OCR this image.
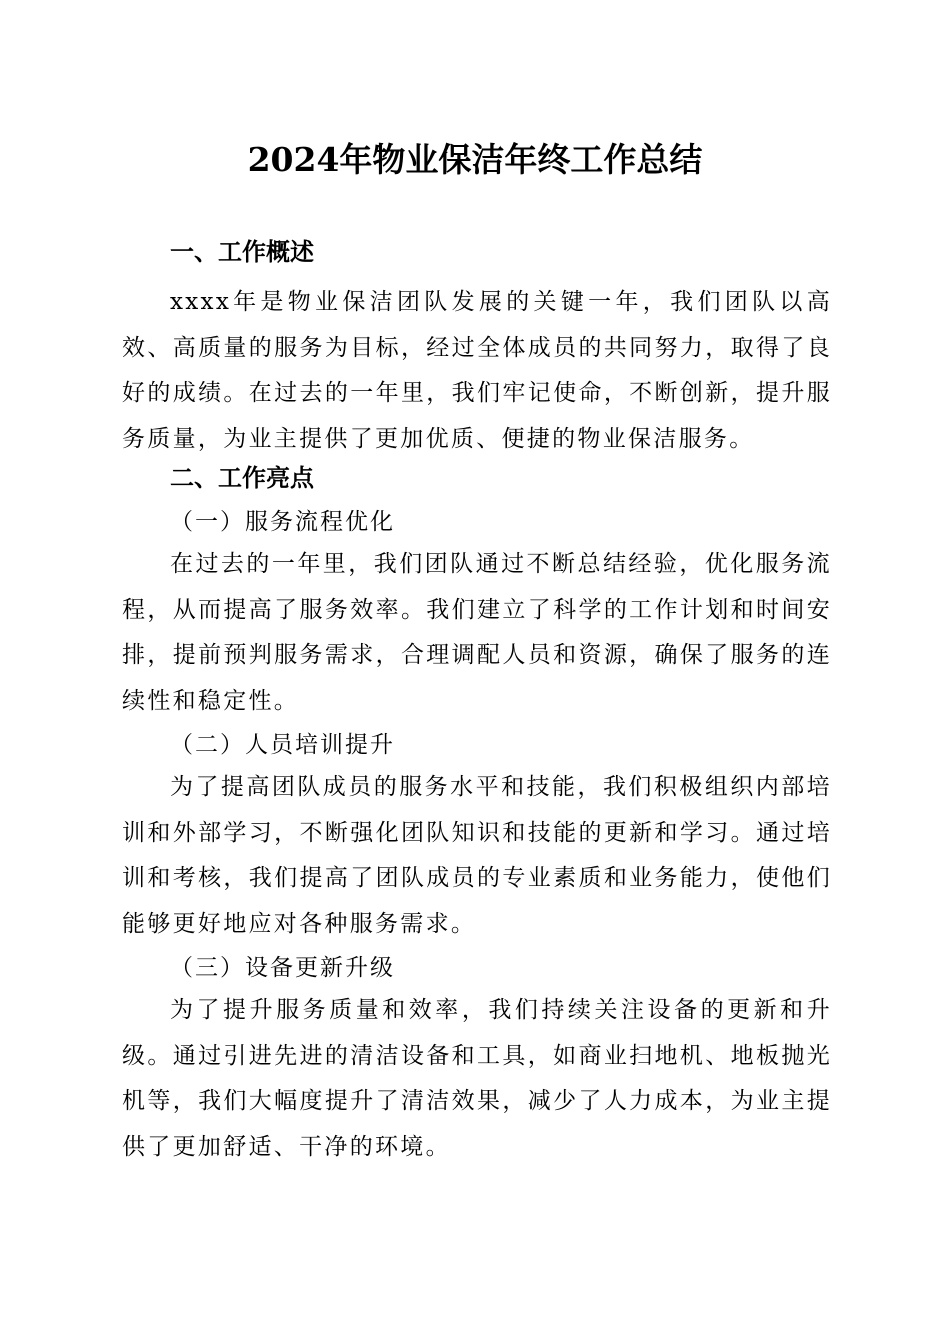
2024年物业保洁年终工作总结
一、工作概述
xxxx年是物业保洁团队发展的关键一年，我们团队以高效、高质量的服务为目标，经过全体成员的共同努力，取得了良好的成绩。在过去的一年里，我们牢记使命，不断创新，提升服务质量，为业主提供了更加优质、便捷的物业保洁服务。
二、工作亮点
（一）服务流程优化
在过去的一年里，我们团队通过不断总结经验，优化服务流程，从而提高了服务效率。我们建立了科学的工作计划和时间安排，提前预判服务需求，合理调配人员和资源，确保了服务的连续性和稳定性。
（二）人员培训提升
为了提高团队成员的服务水平和技能，我们积极组织内部培训和外部学习，不断强化团队知识和技能的更新和学习。通过培训和考核，我们提高了团队成员的专业素质和业务能力，使他们能够更好地应对各种服务需求。
（三）设备更新升级
为了提升服务质量和效率，我们持续关注设备的更新和升级。通过引进先进的清洁设备和工具，如商业扫地机、地板抛光机等，我们大幅度提升了清洁效果，减少了人力成本，为业主提供了更加舒适、干净的环境。
